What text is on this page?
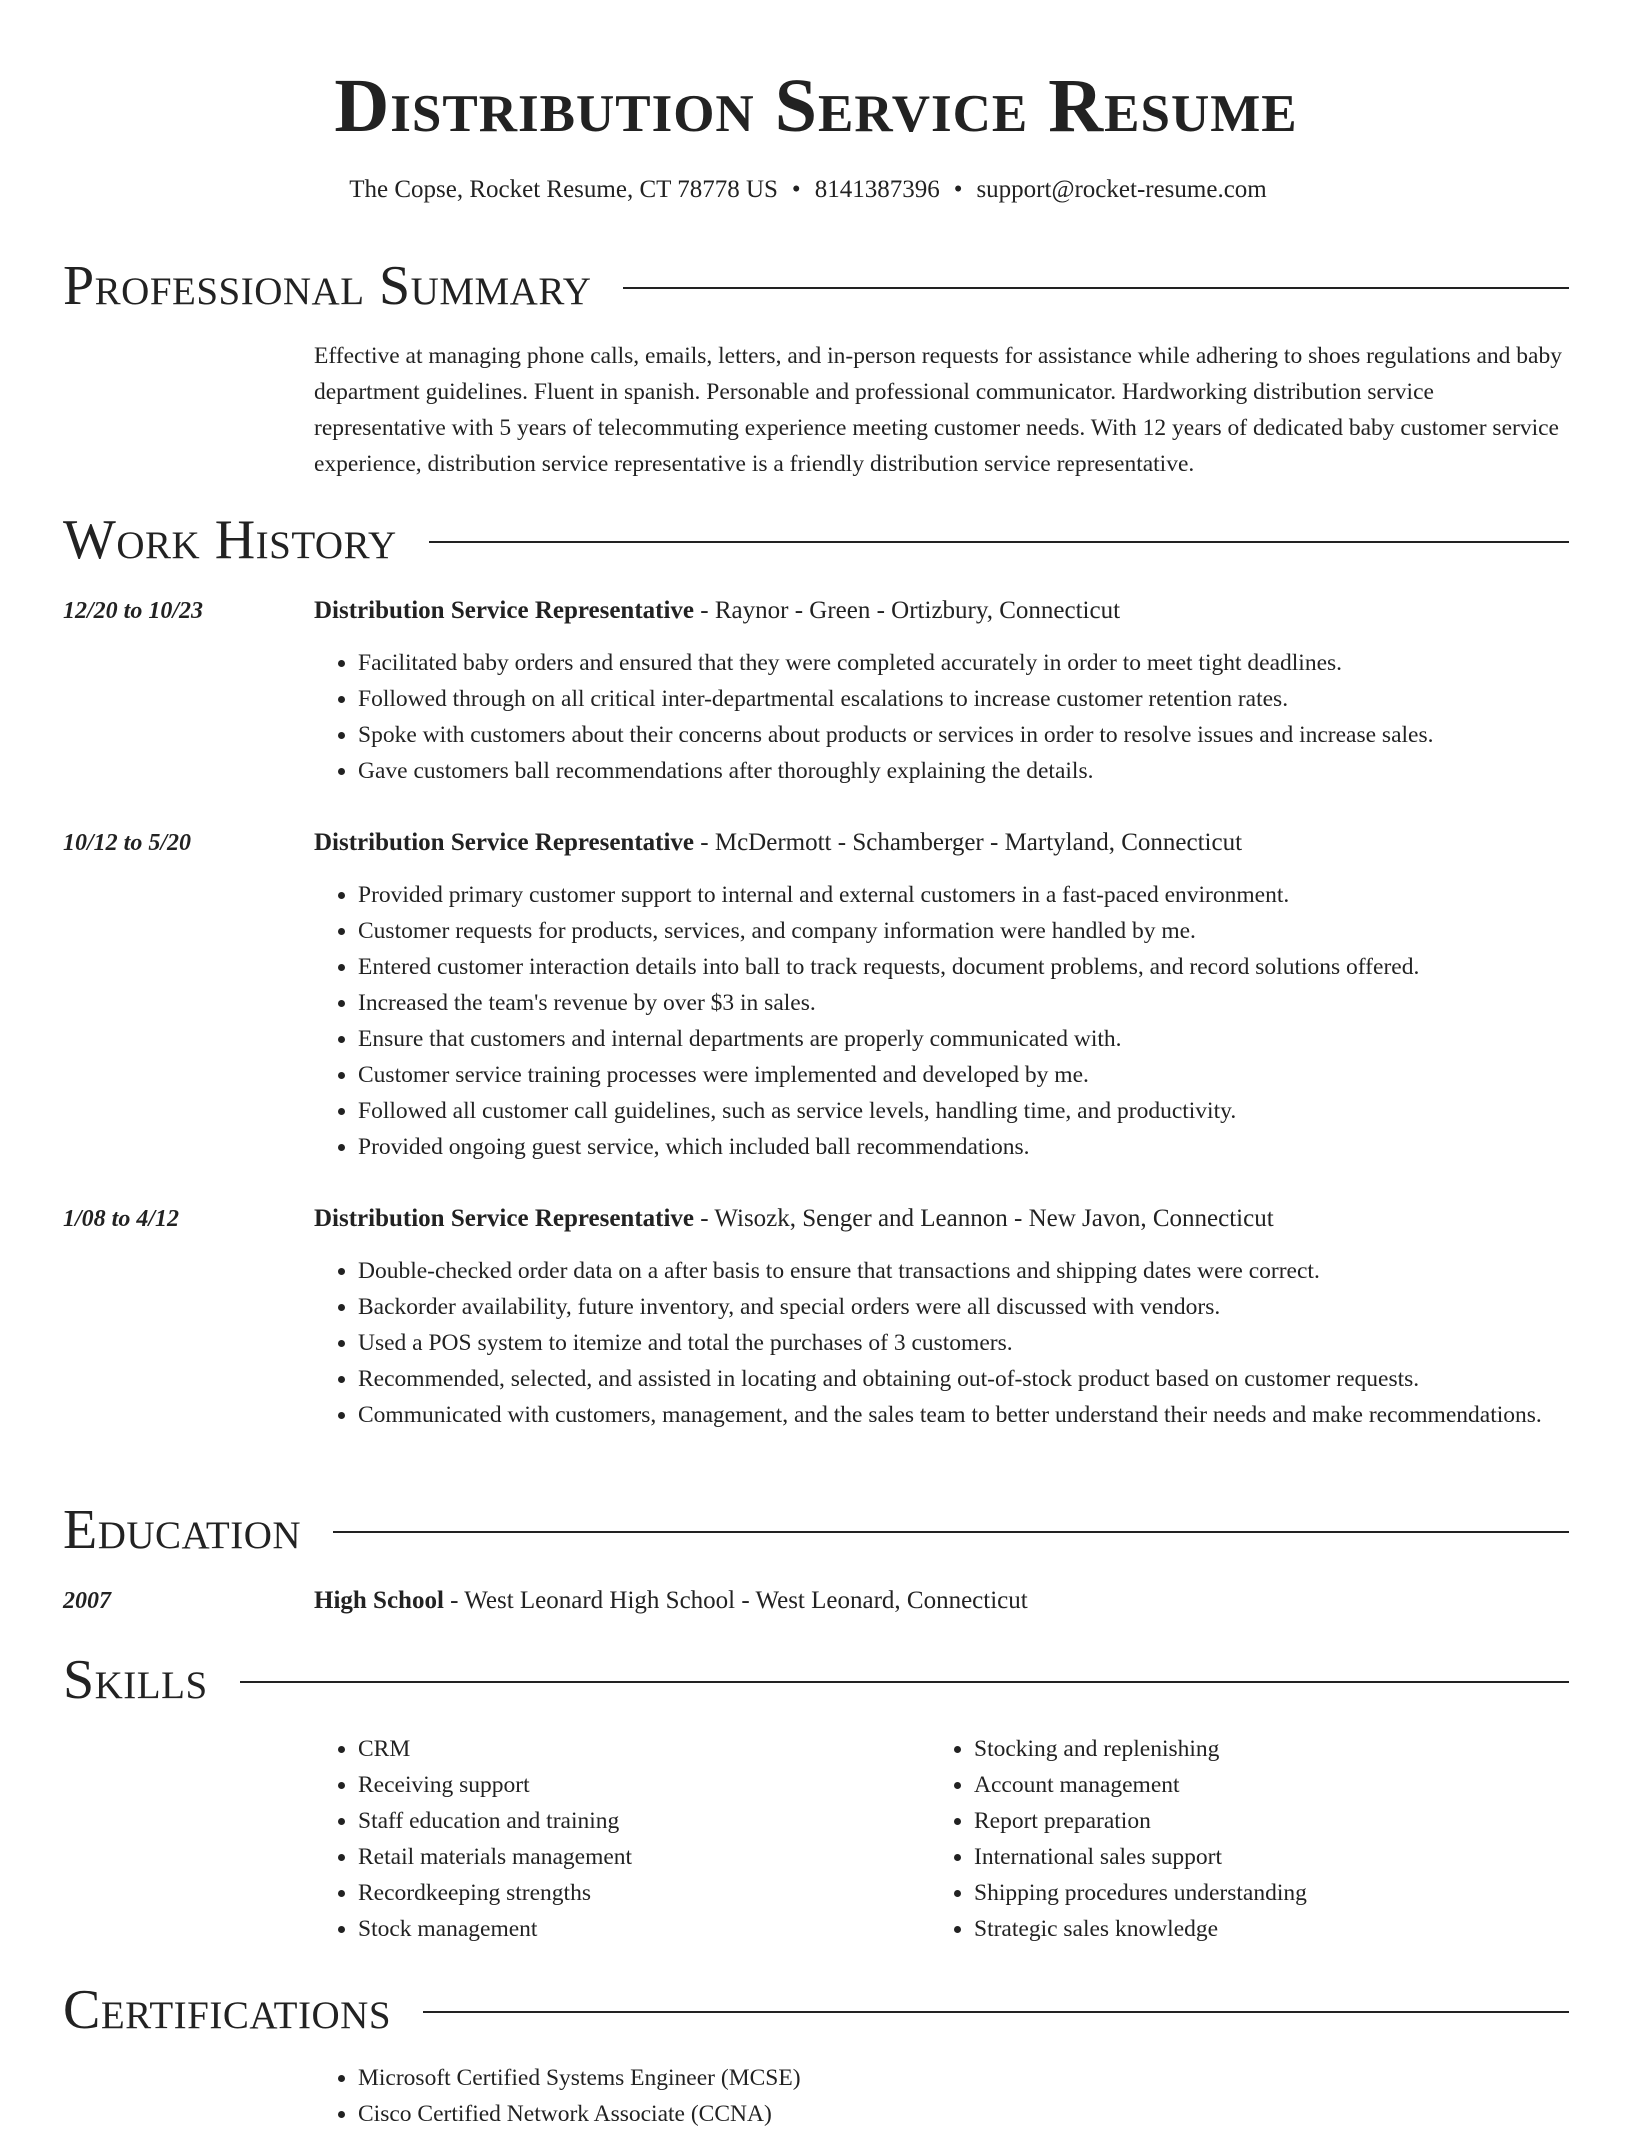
Distribution Service Resume
The Copse, Rocket Resume, CT 78778 US • 8141387396 • support@rocket-resume.com
Professional Summary

Effective at managing phone calls, emails, letters, and in-person requests for assistance while adhering to shoes regulations and baby department guidelines. Fluent in spanish. Personable and professional communicator. Hardworking distribution service representative with 5 years of telecommuting experience meeting customer needs. With 12 years of dedicated baby customer service experience, distribution service representative is a friendly distribution service representative.

Work History
12/20 to 10/23	Distribution Service Representative - Raynor - Green - Ortizbury, Connecticut
• Facilitated baby orders and ensured that they were completed accurately in order to meet tight deadlines.
• Followed through on all critical inter-departmental escalations to increase customer retention rates.
• Spoke with customers about their concerns about products or services in order to resolve issues and increase sales.
• Gave customers ball recommendations after thoroughly explaining the details.
10/12 to 5/20	Distribution Service Representative - McDermott - Schamberger - Martyland, Connecticut
• Provided primary customer support to internal and external customers in a fast-paced environment.
• Customer requests for products, services, and company information were handled by me.
• Entered customer interaction details into ball to track requests, document problems, and record solutions offered.
• Increased the team's revenue by over $3 in sales.
• Ensure that customers and internal departments are properly communicated with.
• Customer service training processes were implemented and developed by me.
• Followed all customer call guidelines, such as service levels, handling time, and productivity.
• Provided ongoing guest service, which included ball recommendations.
1/08 to 4/12	Distribution Service Representative - Wisozk, Senger and Leannon - New Javon, Connecticut
• Double-checked order data on a after basis to ensure that transactions and shipping dates were correct.
• Backorder availability, future inventory, and special orders were all discussed with vendors.
• Used a POS system to itemize and total the purchases of 3 customers.
• Recommended, selected, and assisted in locating and obtaining out-of-stock product based on customer requests.
• Communicated with customers, management, and the sales team to better understand their needs and make recommendations.
Education
2007	High School - West Leonard High School - West Leonard, Connecticut
Skills
• CRM
• Receiving support
• Staff education and training
• Retail materials management
• Recordkeeping strengths
• Stock management
• Stocking and replenishing
• Account management
• Report preparation
• International sales support
• Shipping procedures understanding
• Strategic sales knowledge
Certifications
• Microsoft Certified Systems Engineer (MCSE)
• Cisco Certified Network Associate (CCNA)
